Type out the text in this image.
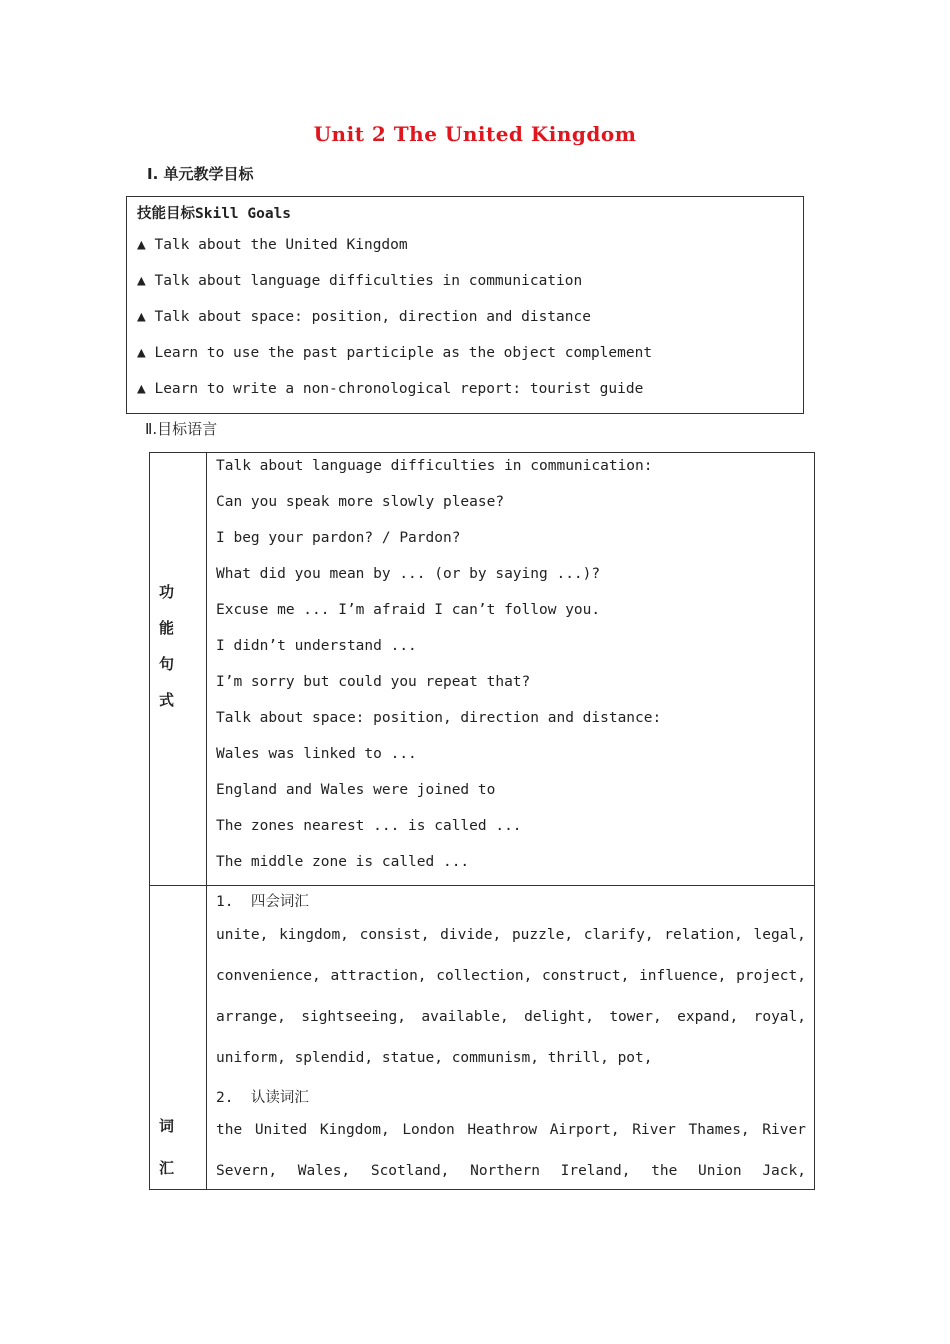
Unit 2 The United Kingdom
Ⅰ. 单元教学目标
技能目标Skill Goals
▲ Talk about the United Kingdom
▲ Talk about language difficulties in communication
▲ Talk about space: position, direction and distance
▲ Learn to use the past participle as the object complement
▲ Learn to write a non-chronological report: tourist guide
Ⅱ.目标语言
功
能
句
式
Talk about language difficulties in communication:
Can you speak more slowly please?
I beg your pardon? / Pardon?
What did you mean by ... (or by saying ...)?
Excuse me ... I’m afraid I can’t follow you.
I didn’t understand ...
I’m sorry but could you repeat that?
Talk about space: position, direction and distance:
Wales was linked to ...
England and Wales were joined to
The zones nearest ... is called ...
The middle zone is called ...
词
汇
1.  四会词汇
unite, kingdom, consist, divide, puzzle, clarify, relation, legal,
convenience, attraction, collection, construct, influence, project,
arrange, sightseeing, available, delight, tower, expand, royal,
uniform, splendid, statue, communism, thrill, pot,
2.  认读词汇
the United Kingdom, London Heathrow Airport, River Thames, River
Severn, Wales, Scotland, Northern Ireland, the Union Jack,
